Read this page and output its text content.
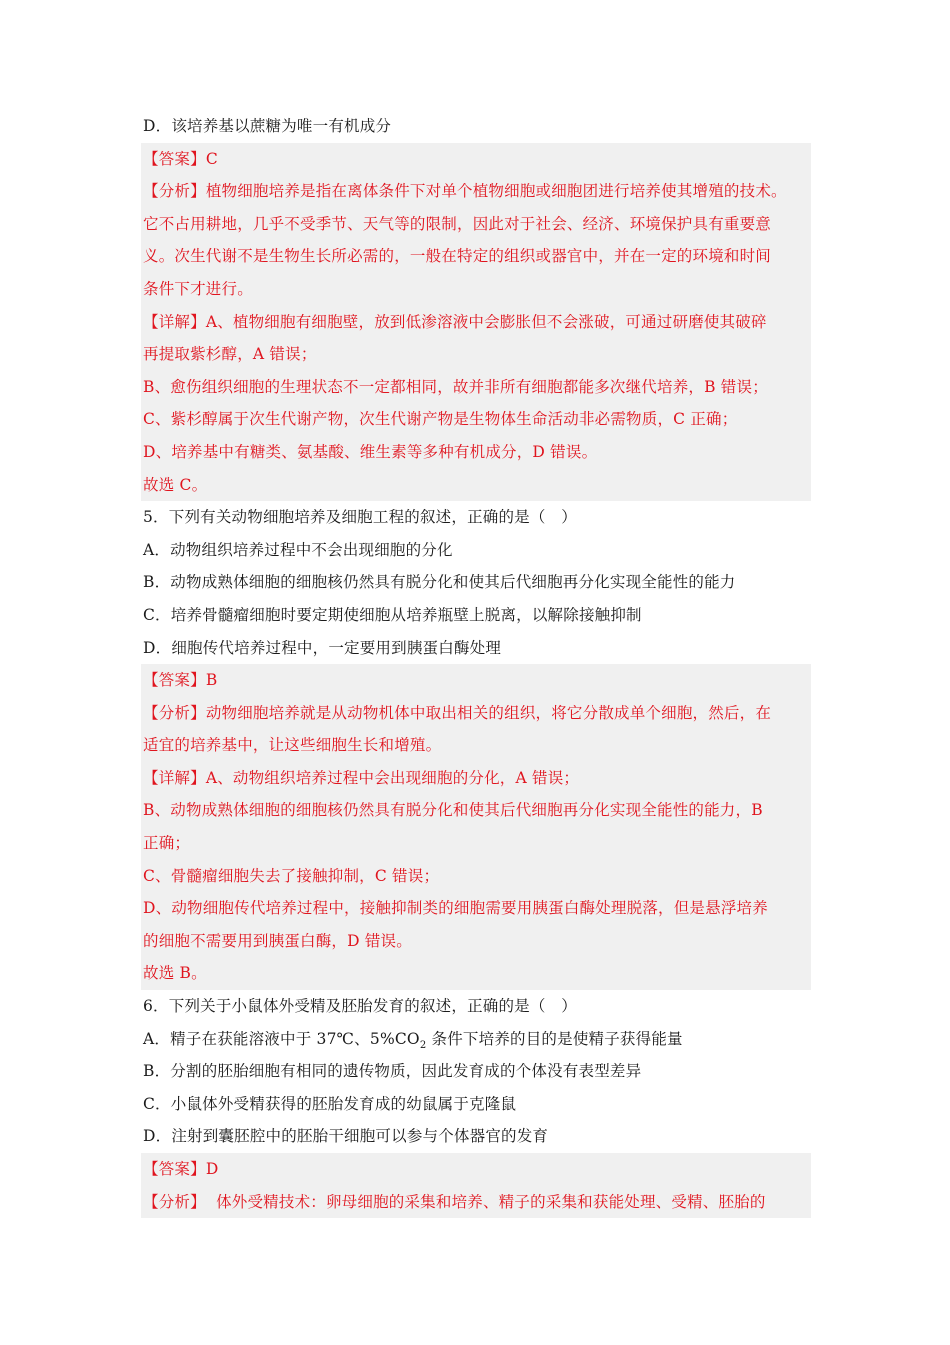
D．该培养基以蔗糖为唯一有机成分
【答案】C
【分析】植物细胞培养是指在离体条件下对单个植物细胞或细胞团进行培养使其增殖的技术。
它不占用耕地，几乎不受季节、天气等的限制，因此对于社会、经济、环境保护具有重要意
义。次生代谢不是生物生长所必需的，一般在特定的组织或器官中，并在一定的环境和时间
条件下才进行。
【详解】A、植物细胞有细胞壁，放到低渗溶液中会膨胀但不会涨破，可通过研磨使其破碎
再提取紫杉醇，A 错误；
B、愈伤组织细胞的生理状态不一定都相同，故并非所有细胞都能多次继代培养，B 错误；
C、紫杉醇属于次生代谢产物，次生代谢产物是生物体生命活动非必需物质，C 正确；
D、培养基中有糖类、氨基酸、维生素等多种有机成分，D 错误。
故选 C。
5．下列有关动物细胞培养及细胞工程的叙述，正确的是（　）
A．动物组织培养过程中不会出现细胞的分化
B．动物成熟体细胞的细胞核仍然具有脱分化和使其后代细胞再分化实现全能性的能力
C．培养骨髓瘤细胞时要定期使细胞从培养瓶壁上脱离，以解除接触抑制
D．细胞传代培养过程中，一定要用到胰蛋白酶处理
【答案】B
【分析】动物细胞培养就是从动物机体中取出相关的组织，将它分散成单个细胞，然后，在
适宜的培养基中，让这些细胞生长和增殖。
【详解】A、动物组织培养过程中会出现细胞的分化，A 错误；
B、动物成熟体细胞的细胞核仍然具有脱分化和使其后代细胞再分化实现全能性的能力，B
正确；
C、骨髓瘤细胞失去了接触抑制，C 错误；
D、动物细胞传代培养过程中，接触抑制类的细胞需要用胰蛋白酶处理脱落，但是悬浮培养
的细胞不需要用到胰蛋白酶，D 错误。
故选 B。
6．下列关于小鼠体外受精及胚胎发育的叙述，正确的是（　）
A．精子在获能溶液中于 37℃、$5\%CO_2$ 条件下培养的目的是使精子获得能量
B．分割的胚胎细胞有相同的遗传物质，因此发育成的个体没有表型差异
C．小鼠体外受精获得的胚胎发育成的幼鼠属于克隆鼠
D．注射到囊胚腔中的胚胎干细胞可以参与个体器官的发育
【答案】D
【分析】  体外受精技术：卵母细胞的采集和培养、精子的采集和获能处理、受精、胚胎的
